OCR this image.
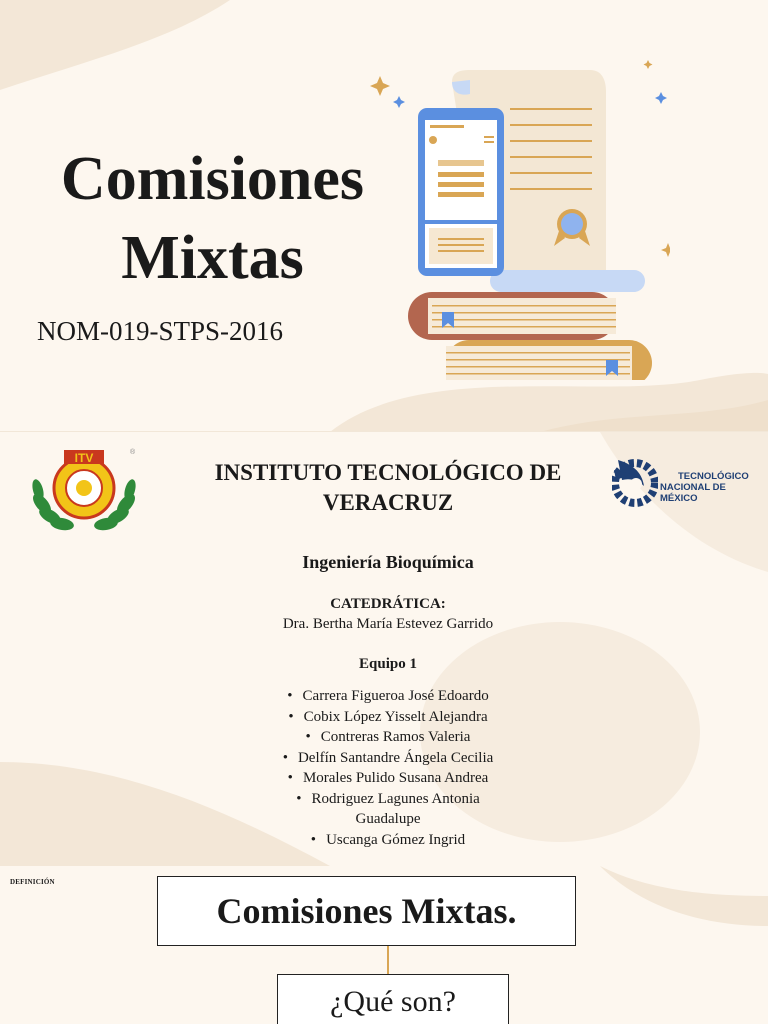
Comisiones
Mixtas
NOM-019-STPS-2016
ITV	®
TECNOLÓGICO
NACIONAL DE MÉXICO
INSTITUTO TECNOLÓGICO DE
VERACRUZ
Ingeniería Bioquímica
CATEDRÁTICA:
Dra. Bertha María Estevez Garrido
Equipo 1
• Carrera Figueroa José Edoardo
• Cobix López Yisselt Alejandra
• Contreras Ramos Valeria
• Delfín Santandre Ángela Cecilia
• Morales Pulido Susana Andrea
• Rodriguez Lagunes Antonia
Guadalupe
• Uscanga Gómez Ingrid
DEFINICIÓN
Comisiones Mixtas.
¿Qué son?
